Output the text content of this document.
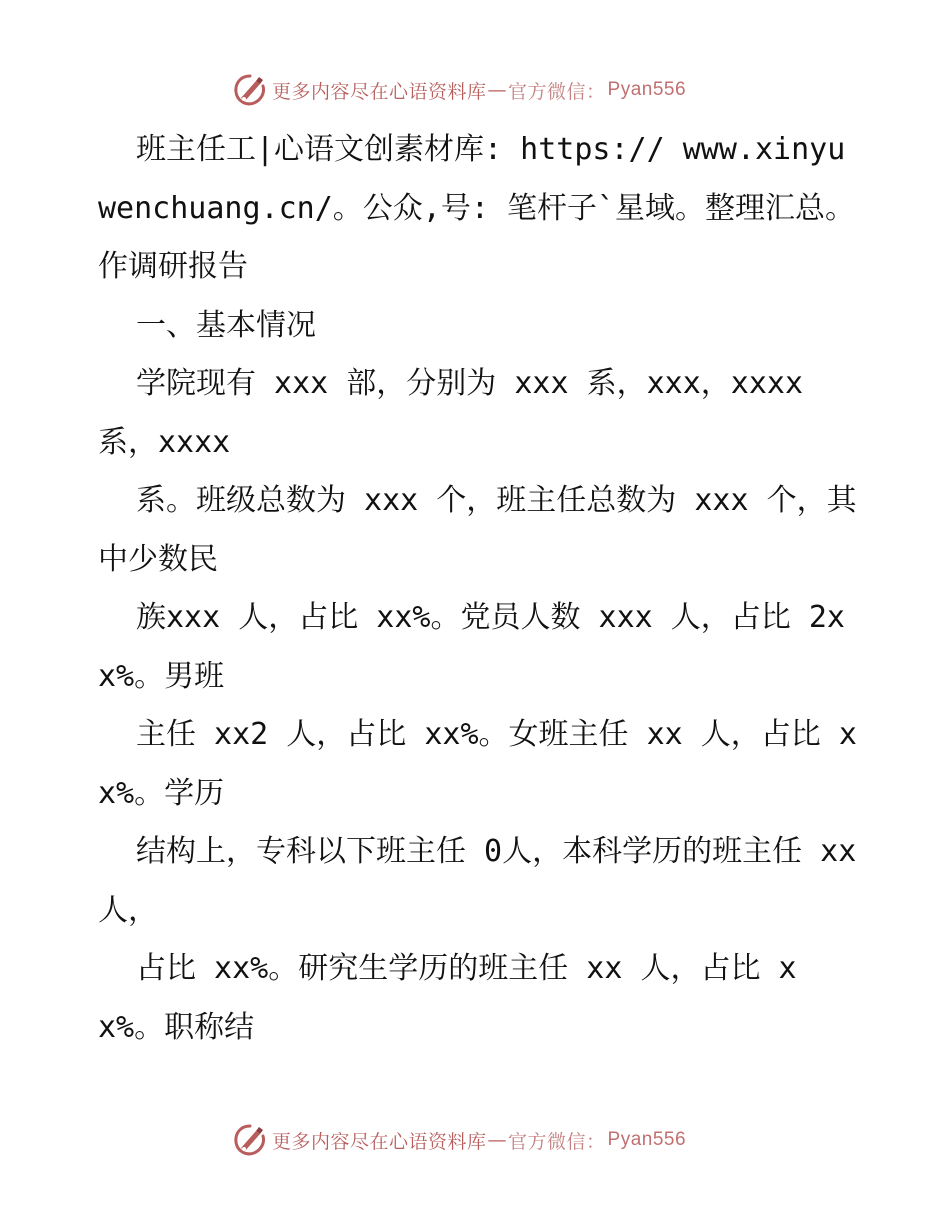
更多内容尽在心语资料库 — 官方微信： Pyan556

班主任工|心语文创素材库: https:// www.xinyuwenchuang.cn/。公众,号: 笔杆子`星域。整理汇总。作调研报告

一、基本情况

学院现有 xxx 部，分别为 xxx 系，xxx，xxxx 系，xxxx

系。班级总数为 xxx 个，班主任总数为 xxx 个，其中少数民

族xxx 人，占比 xx%。党员人数 xxx 人，占比 2xx%。男班

主任 xx2 人，占比 xx%。女班主任 xx 人，占比 xx%。学历

结构上，专科以下班主任 0人，本科学历的班主任 xx 人，

占比 xx%。研究生学历的班主任 xx 人，占比 xx%。职称结

更多内容尽在心语资料库 — 官方微信： Pyan556
